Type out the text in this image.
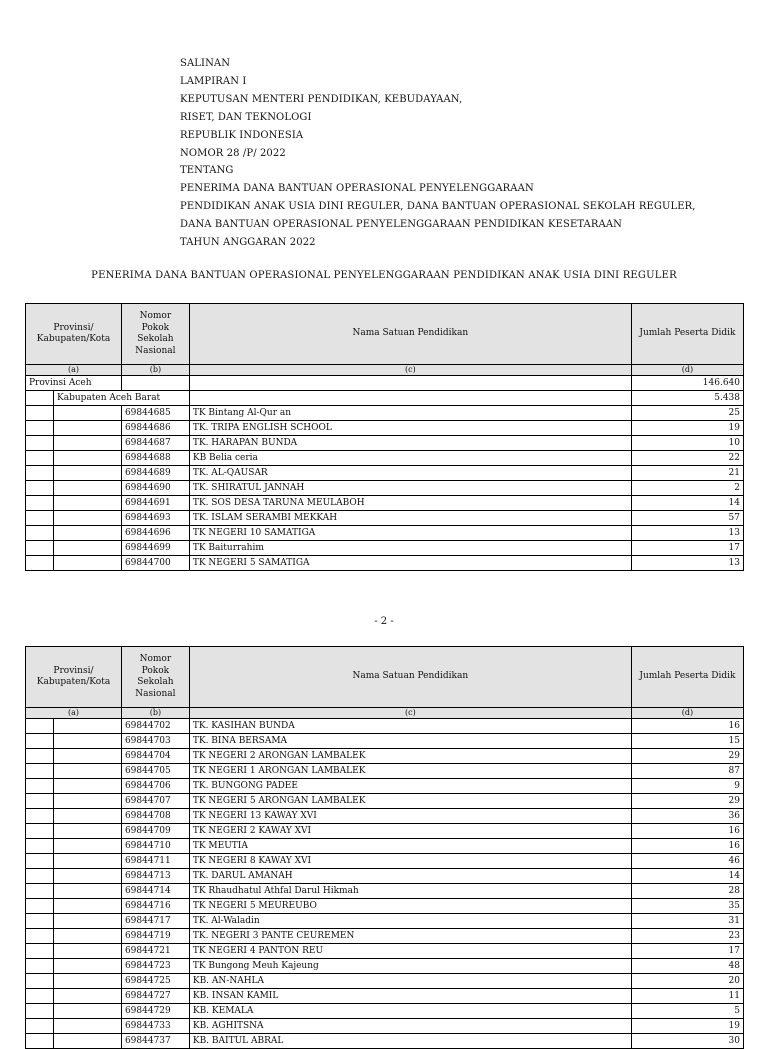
SALINAN
LAMPIRAN I
KEPUTUSAN MENTERI PENDIDIKAN, KEBUDAYAAN,
RISET, DAN TEKNOLOGI
REPUBLIK INDONESIA
NOMOR 28 /P/ 2022
TENTANG
PENERIMA DANA BANTUAN OPERASIONAL PENYELENGGARAAN
PENDIDIKAN ANAK USIA DINI REGULER, DANA BANTUAN OPERASIONAL SEKOLAH REGULER,
DANA BANTUAN OPERASIONAL PENYELENGGARAAN PENDIDIKAN KESETARAAN
TAHUN ANGGARAN 2022
PENERIMA DANA BANTUAN OPERASIONAL PENYELENGGARAAN PENDIDIKAN ANAK USIA DINI REGULER
Provinsi/ Kabupaten/Kota		Nomor Pokok Sekolah Nasional	Nama Satuan Pendidikan	Jumlah Peserta Didik
(a)		(b)	(c)	(d)
Provinsi Aceh				146.640
	Kabupaten Aceh Barat			5.438
		69844685	TK Bintang Al-Qur an	25
		69844686	TK. TRIPA ENGLISH SCHOOL	19
		69844687	TK. HARAPAN BUNDA	10
		69844688	KB Belia ceria	22
		69844689	TK. AL-QAUSAR	21
		69844690	TK. SHIRATUL JANNAH	2
		69844691	TK. SOS DESA TARUNA MEULABOH	14
		69844693	TK. ISLAM SERAMBI MEKKAH	57
		69844696	TK NEGERI 10 SAMATIGA	13
		69844699	TK Baiturrahim	17
		69844700	TK NEGERI 5 SAMATIGA	13
- 2 -
Provinsi/ Kabupaten/Kota		Nomor Pokok Sekolah Nasional	Nama Satuan Pendidikan	Jumlah Peserta Didik
(a)		(b)	(c)	(d)
		69844702	TK. KASIHAN BUNDA	16
		69844703	TK. BINA BERSAMA	15
		69844704	TK NEGERI 2 ARONGAN LAMBALEK	29
		69844705	TK NEGERI 1 ARONGAN LAMBALEK	87
		69844706	TK. BUNGONG PADEE	9
		69844707	TK NEGERI 5 ARONGAN LAMBALEK	29
		69844708	TK NEGERI 13 KAWAY XVI	36
		69844709	TK NEGERI 2 KAWAY XVI	16
		69844710	TK MEUTIA	16
		69844711	TK NEGERI 8 KAWAY XVI	46
		69844713	TK. DARUL AMANAH	14
		69844714	TK Rhaudhatul Athfal Darul Hikmah	28
		69844716	TK NEGERI 5 MEUREUBO	35
		69844717	TK. Al-Waladin	31
		69844719	TK. NEGERI 3 PANTE CEUREMEN	23
		69844721	TK NEGERI 4 PANTON REU	17
		69844723	TK Bungong Meuh Kajeung	48
		69844725	KB. AN-NAHLA	20
		69844727	KB. INSAN KAMIL	11
		69844729	KB. KEMALA	5
		69844733	KB. AGHITSNA	19
		69844737	KB. BAITUL ABRAL	30
